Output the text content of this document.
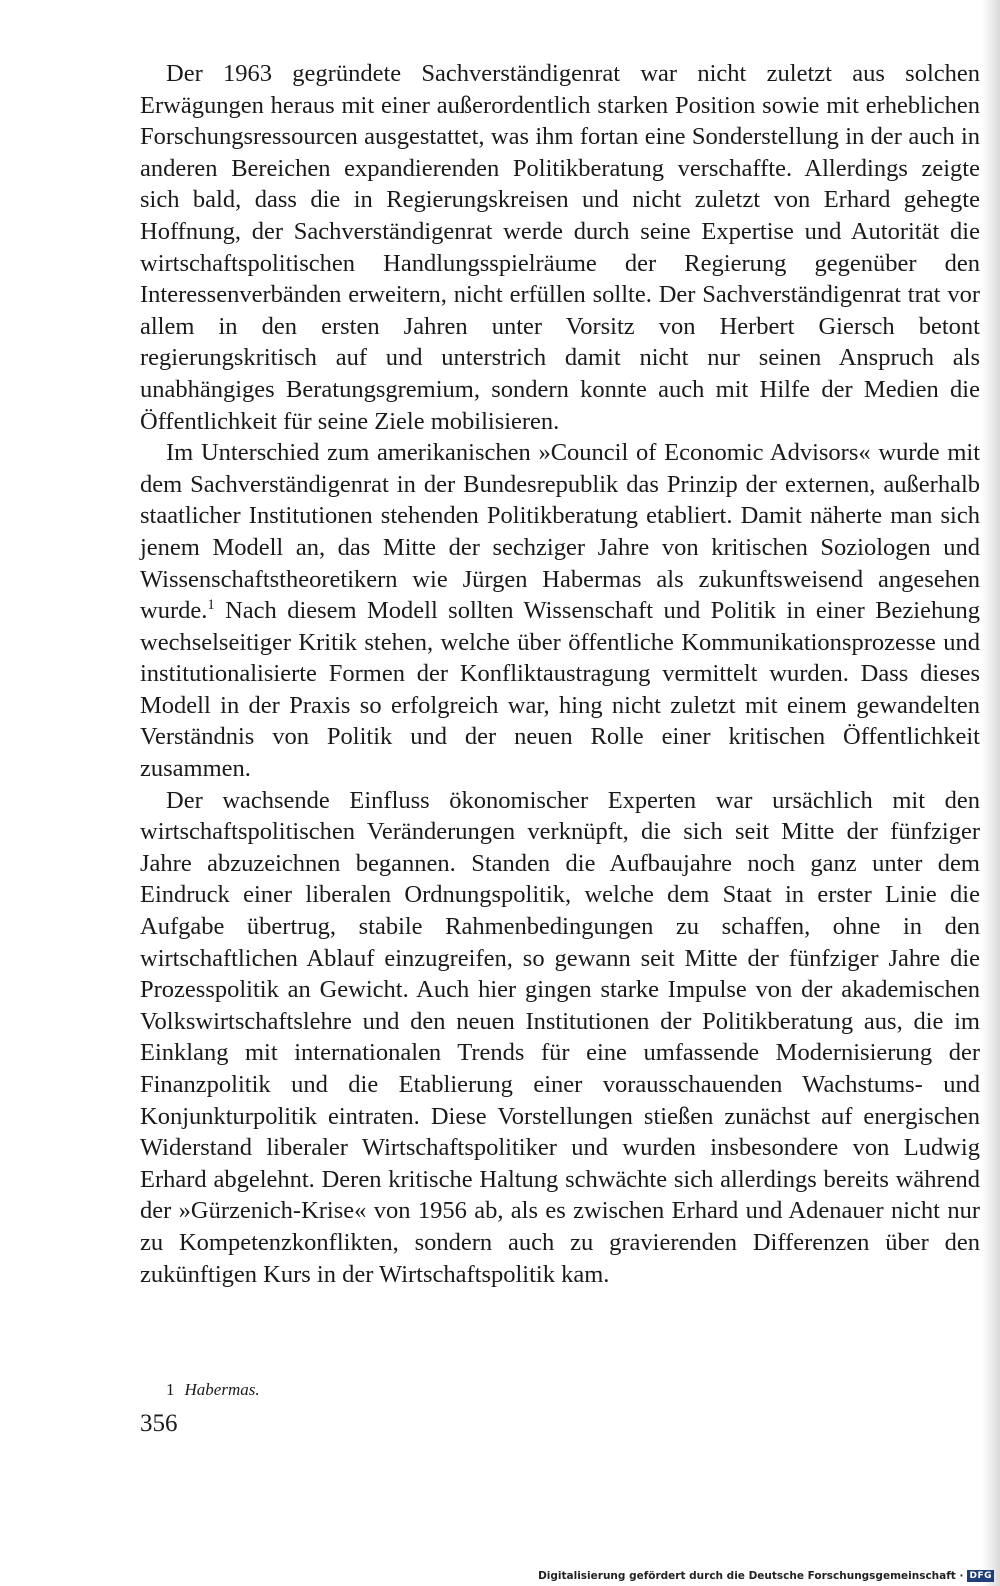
Der 1963 gegründete Sachverständigenrat war nicht zuletzt aus solchen Erwägungen heraus mit einer außerordentlich starken Position sowie mit erheblichen Forschungsressourcen ausgestattet, was ihm fortan eine Sonderstellung in der auch in anderen Bereichen expandierenden Politikberatung verschaffte. Allerdings zeigte sich bald, dass die in Regierungskreisen und nicht zuletzt von Erhard gehegte Hoffnung, der Sachverständigenrat werde durch seine Expertise und Autorität die wirtschaftspolitischen Handlungsspielräume der Regierung gegenüber den Interessenverbänden erweitern, nicht erfüllen sollte. Der Sachverständigenrat trat vor allem in den ersten Jahren unter Vorsitz von Herbert Giersch betont regierungskritisch auf und unterstrich damit nicht nur seinen Anspruch als unabhängiges Beratungsgremium, sondern konnte auch mit Hilfe der Medien die Öffentlichkeit für seine Ziele mobilisieren.

Im Unterschied zum amerikanischen »Council of Economic Advisors« wurde mit dem Sachverständigenrat in der Bundesrepublik das Prinzip der externen, außerhalb staatlicher Institutionen stehenden Politikberatung etabliert. Damit näherte man sich jenem Modell an, das Mitte der sechziger Jahre von kritischen Soziologen und Wissenschaftstheoretikern wie Jürgen Habermas als zukunftsweisend angesehen wurde.$^1$ Nach diesem Modell sollten Wissenschaft und Politik in einer Beziehung wechselseitiger Kritik stehen, welche über öffentliche Kommunikationsprozesse und institutionalisierte Formen der Konfliktaustragung vermittelt wurden. Dass dieses Modell in der Praxis so erfolgreich war, hing nicht zuletzt mit einem gewandelten Verständnis von Politik und der neuen Rolle einer kritischen Öffentlichkeit zusammen.

Der wachsende Einfluss ökonomischer Experten war ursächlich mit den wirtschaftspolitischen Veränderungen verknüpft, die sich seit Mitte der fünfziger Jahre abzuzeichnen begannen. Standen die Aufbaujahre noch ganz unter dem Eindruck einer liberalen Ordnungspolitik, welche dem Staat in erster Linie die Aufgabe übertrug, stabile Rahmenbedingungen zu schaffen, ohne in den wirtschaftlichen Ablauf einzugreifen, so gewann seit Mitte der fünfziger Jahre die Prozesspolitik an Gewicht. Auch hier gingen starke Impulse von der akademischen Volkswirtschaftslehre und den neuen Institutionen der Politikberatung aus, die im Einklang mit internationalen Trends für eine umfassende Modernisierung der Finanzpolitik und die Etablierung einer vorausschauenden Wachstums- und Konjunkturpolitik eintraten. Diese Vorstellungen stießen zunächst auf energischen Widerstand liberaler Wirtschaftspolitiker und wurden insbesondere von Ludwig Erhard abgelehnt. Deren kritische Haltung schwächte sich allerdings bereits während der »Gürzenich-Krise« von 1956 ab, als es zwischen Erhard und Adenauer nicht nur zu Kompetenzkonflikten, sondern auch zu gravierenden Differenzen über den zukünftigen Kurs in der Wirtschaftspolitik kam.

1 Habermas.
356
Digitalisierung gefördert durch die Deutsche Forschungsgemeinschaft · DFG
